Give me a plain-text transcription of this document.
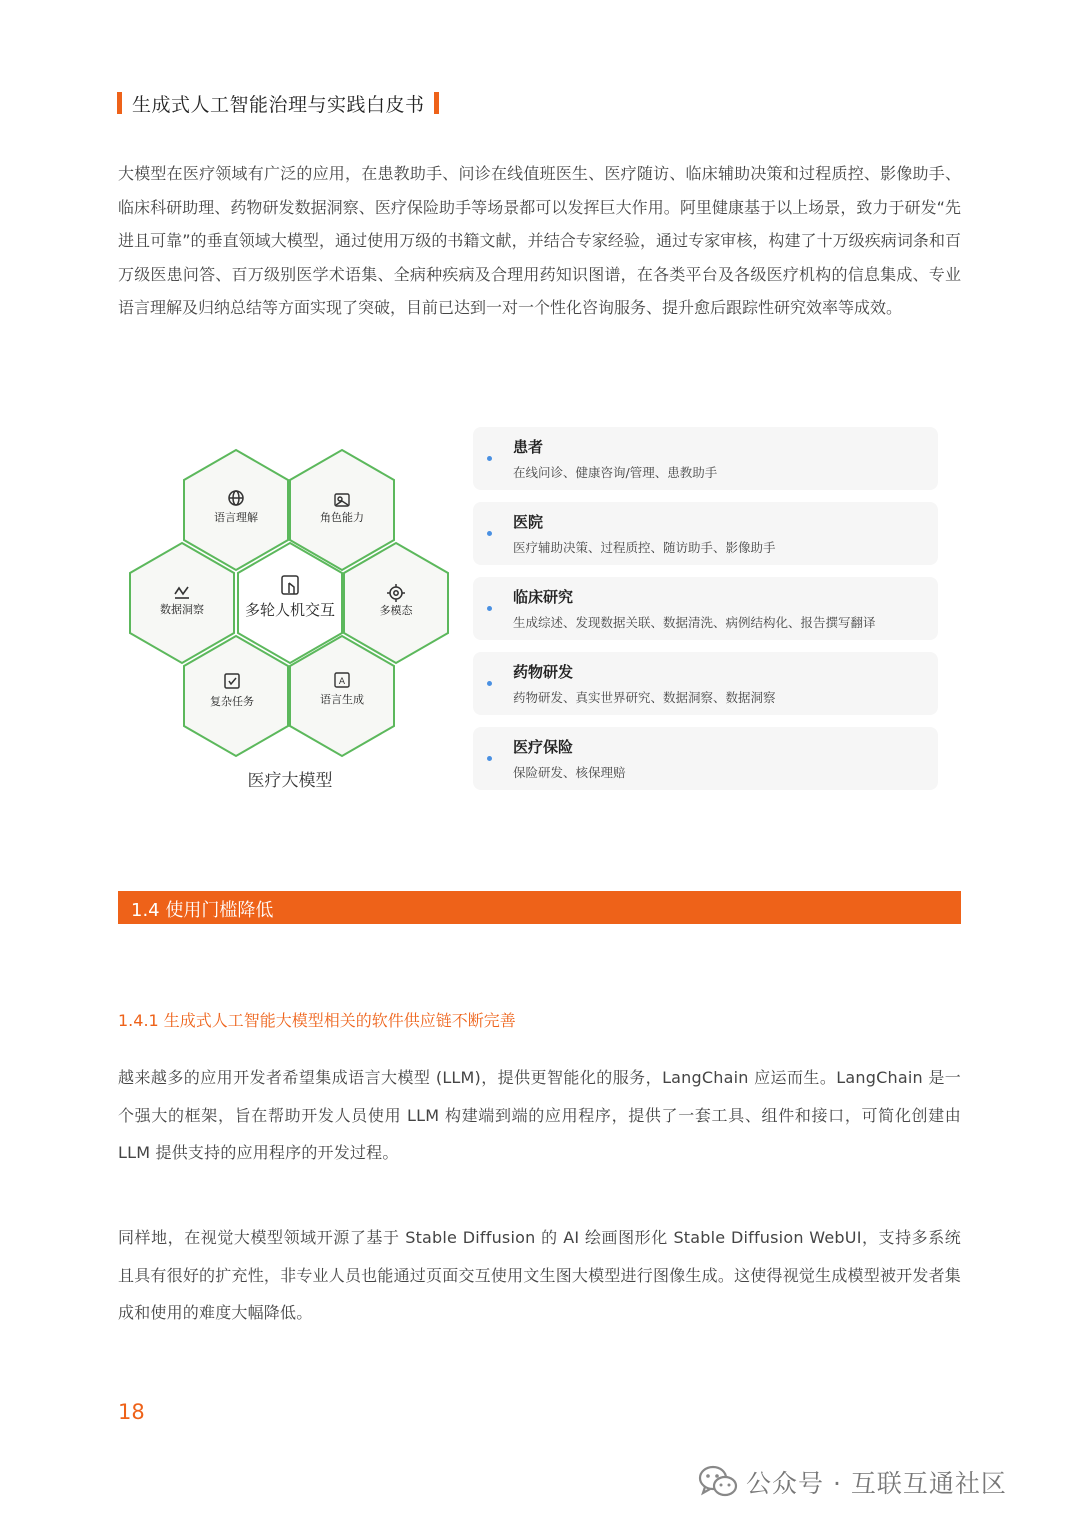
生成式人工智能治理与实践白皮书

大模型在医疗领域有广泛的应用，在患教助手、问诊在线值班医生、医疗随访、临床辅助决策和过程质控、影像助手、临床科研助理、药物研发数据洞察、医疗保险助手等场景都可以发挥巨大作用。阿里健康基于以上场景，致力于研发“先进且可靠”的垂直领域大模型，通过使用万级的书籍文献，并结合专家经验，通过专家审核，构建了十万级疾病词条和百万级医患问答、百万级别医学术语集、全病种疾病及合理用药知识图谱，在各类平台及各级医疗机构的信息集成、专业语言理解及归纳总结等方面实现了突破，目前已达到一对一个性化咨询服务、提升愈后跟踪性研究效率等成效。

语言理解	角色能力
数据洞察	多轮人机交互	多模态
复杂任务
A
语言生成
医疗大模型
患者
在线问诊、健康咨询/管理、患教助手
医院
医疗辅助决策、过程质控、随访助手、影像助手
临床研究
生成综述、发现数据关联、数据清洗、病例结构化、报告撰写翻译
药物研发
药物研发、真实世界研究、数据洞察、数据洞察
医疗保险
保险研发、核保理赔
1.4 使用门槛降低
1.4.1 生成式人工智能大模型相关的软件供应链不断完善

越来越多的应用开发者希望集成语言大模型 (LLM)，提供更智能化的服务，LangChain 应运而生。LangChain 是一个强大的框架，旨在帮助开发人员使用 LLM 构建端到端的应用程序，提供了一套工具、组件和接口，可简化创建由 LLM 提供支持的应用程序的开发过程。

同样地，在视觉大模型领域开源了基于 Stable Diffusion 的 AI 绘画图形化 Stable Diffusion WebUI，支持多系统且具有很好的扩充性，非专业人员也能通过页面交互使用文生图大模型进行图像生成。这使得视觉生成模型被开发者集成和使用的难度大幅降低。

18
公众号 · 互联互通社区
